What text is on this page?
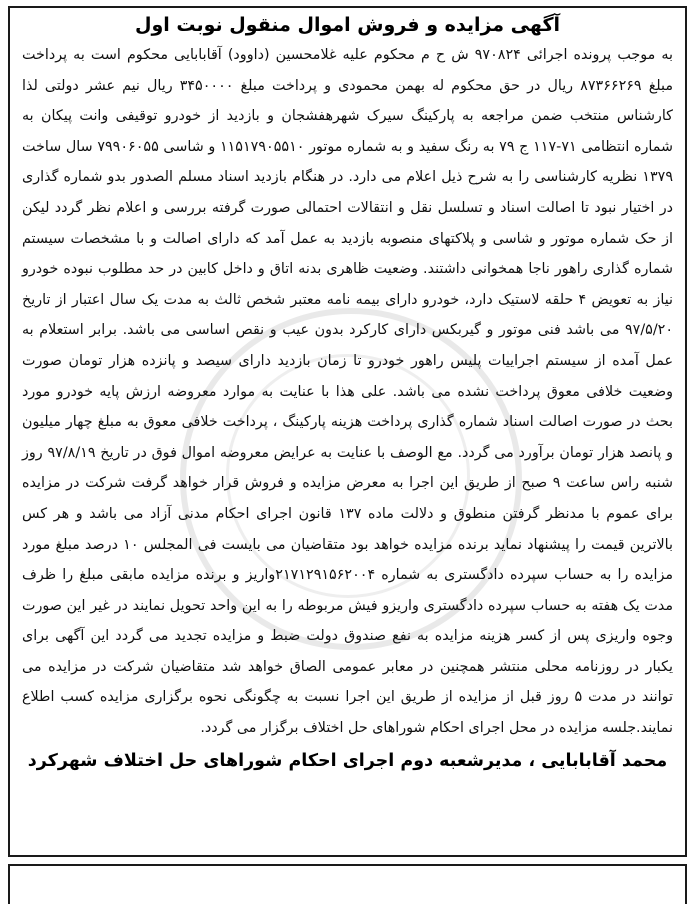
آگهی مزایده و فروش اموال منقول نوبت اول

به موجب پرونده اجرائی ۹۷۰۸۲۴ ش ح م محکوم علیه غلامحسین (داوود) آقابابایی محکوم است به پرداخت مبلغ ۸۷۳۶۶۲۶۹ ریال در حق محکوم له بهمن محمودی و پرداخت مبلغ ۳۴۵۰۰۰۰ ریال نیم عشر دولتی لذا کارشناس منتخب ضمن مراجعه به پارکینگ سیرک شهرهفشجان و بازدید از خودرو توقیفی وانت پیکان به شماره انتظامی ۷۱-۱۱۷ ج ۷۹ به رنگ سفید و به شماره موتور ۱۱۵۱۷۹۰۵۵۱۰ و شاسی ۷۹۹۰۶۰۵۵ سال ساخت ۱۳۷۹ نظریه کارشناسی را به شرح ذیل اعلام می دارد. در هنگام بازدید اسناد مسلم الصدور بدو شماره گذاری در اختیار نبود تا اصالت اسناد و تسلسل نقل و انتقالات احتمالی صورت گرفته بررسی و اعلام نظر گردد لیکن از حک شماره موتور و شاسی و پلاکتهای منصوبه بازدید به عمل آمد که دارای اصالت و با مشخصات سیستم شماره گذاری راهور ناجا همخوانی داشتند. وضعیت ظاهری بدنه اتاق و داخل کابین در حد مطلوب نبوده خودرو نیاز به تعویض ۴ حلقه لاستیک دارد، خودرو دارای بیمه نامه معتبر شخص ثالث به مدت یک سال اعتبار از تاریخ ۹۷/۵/۲۰ می باشد فنی موتور و گیربکس دارای کارکرد بدون عیب و نقص اساسی می باشد. برابر استعلام به عمل آمده از سیستم اجراییات پلیس راهور خودرو تا زمان بازدید دارای سیصد و پانزده هزار تومان صورت وضعیت خلافی معوق پرداخت نشده می باشد. علی هذا با عنایت به موارد معروضه ارزش پایه خودرو مورد بحث در صورت اصالت اسناد شماره گذاری پرداخت هزینه پارکینگ ، پرداخت خلافی معوق به مبلغ چهار میلیون و پانصد هزار تومان برآورد می گردد. مع الوصف با عنایت به عرایض معروضه اموال فوق در تاریخ ۹۷/۸/۱۹ روز شنبه راس ساعت ۹ صبح از طریق این اجرا به معرض مزایده و فروش قرار خواهد گرفت شرکت در مزایده برای عموم با مدنظر گرفتن منطوق و دلالت ماده ۱۳۷ قانون اجرای احکام مدنی آزاد می باشد و هر کس بالاترین قیمت را پیشنهاد نماید برنده مزایده خواهد بود متقاضیان می بایست فی المجلس ۱۰ درصد مبلغ مورد مزایده را به حساب سپرده دادگستری به شماره ۲۱۷۱۲۹۱۵۶۲۰۰۴واریز و برنده مزایده مابقی مبلغ را ظرف مدت یک هفته به حساب سپرده دادگستری واریزو فیش مربوطه را به این واحد تحویل نمایند در غیر این صورت وجوه واریزی پس از کسر هزینه مزایده به نفع صندوق دولت ضبط و مزایده تجدید می گردد این آگهی برای یکبار در روزنامه محلی منتشر همچنین در معابر عمومی الصاق خواهد شد متقاضیان شرکت در مزایده می توانند در مدت ۵ روز قبل از مزایده از طریق این اجرا نسبت به چگونگی نحوه برگزاری مزایده کسب اطلاع نمایند.جلسه مزایده در محل اجرای احکام شوراهای حل اختلاف برگزار می گردد.

محمد آقابابایی ، مدیرشعبه دوم اجرای احکام شوراهای حل اختلاف شهرکرد
